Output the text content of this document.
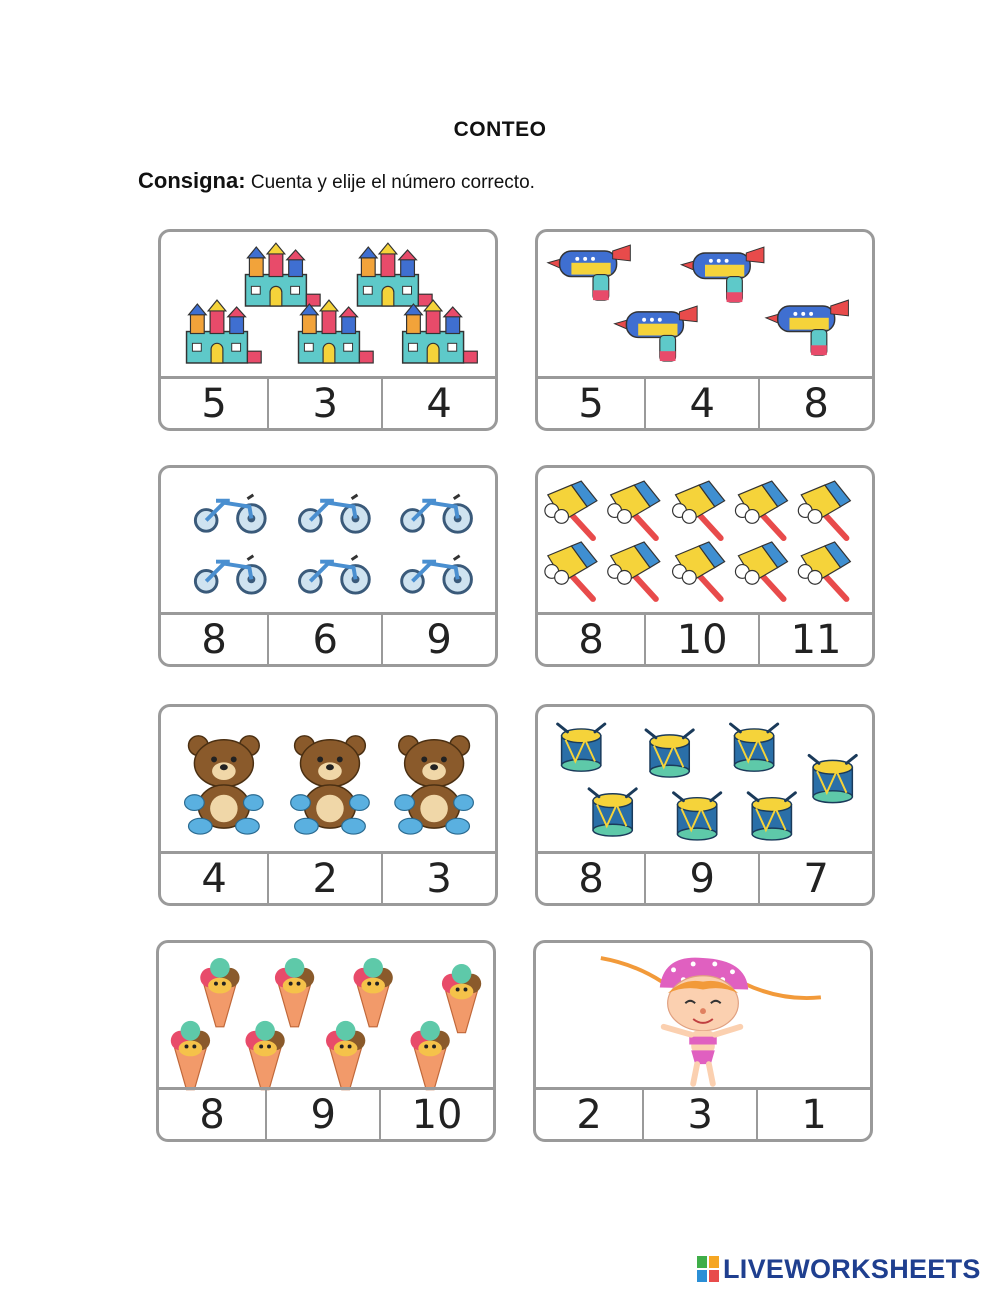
CONTEO
Consigna: Cuenta y elije el número correcto.
5	3	4	5	4	8
8	6	9	8	10	11
4	2	3	8	9	7
8	9	10	2	3	1
LIVEWORKSHEETS
